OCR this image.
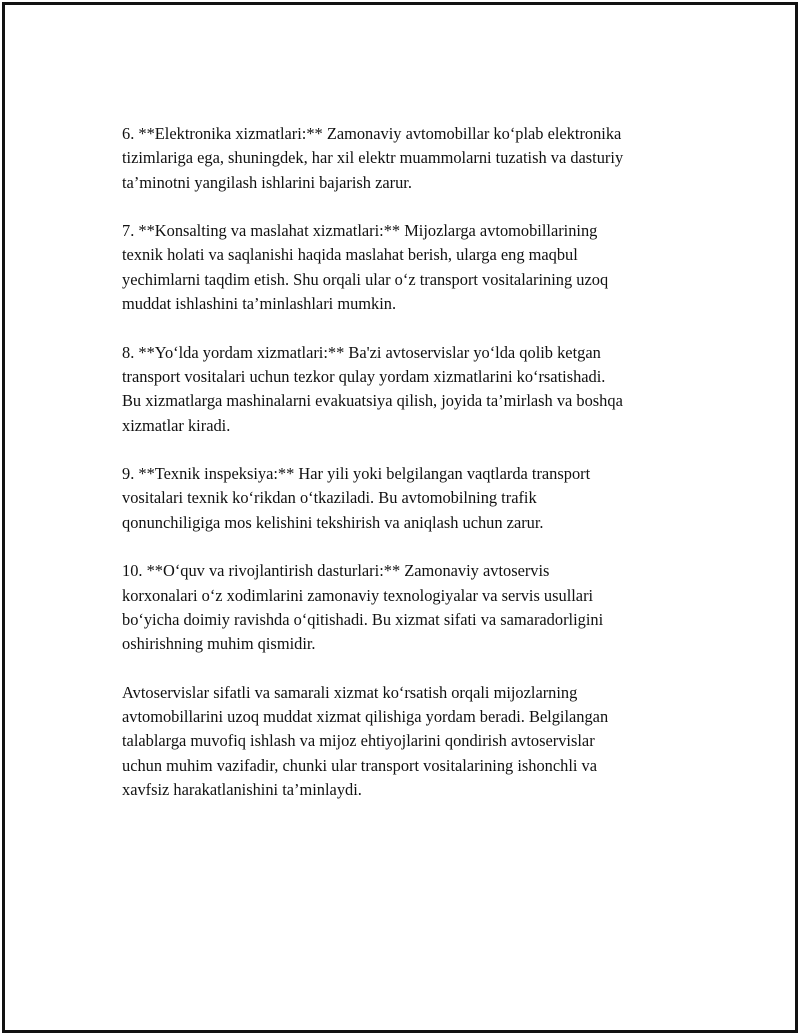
6. **Elektronika xizmatlari:** Zamonaviy avtomobillar ko‘plab elektronika
tizimlariga ega, shuningdek, har xil elektr muammolarni tuzatish va dasturiy
ta’minotni yangilash ishlarini bajarish zarur.

7. **Konsalting va maslahat xizmatlari:** Mijozlarga avtomobillarining
texnik holati va saqlanishi haqida maslahat berish, ularga eng maqbul
yechimlarni taqdim etish. Shu orqali ular o‘z transport vositalarining uzoq
muddat ishlashini ta’minlashlari mumkin.

8. **Yo‘lda yordam xizmatlari:** Ba'zi avtoservislar yo‘lda qolib ketgan
transport vositalari uchun tezkor qulay yordam xizmatlarini ko‘rsatishadi.
Bu xizmatlarga mashinalarni evakuatsiya qilish, joyida ta’mirlash va boshqa
xizmatlar kiradi.

9. **Texnik inspeksiya:** Har yili yoki belgilangan vaqtlarda transport
vositalari texnik ko‘rikdan o‘tkaziladi. Bu avtomobilning trafik
qonunchiligiga mos kelishini tekshirish va aniqlash uchun zarur.

10. **O‘quv va rivojlantirish dasturlari:** Zamonaviy avtoservis
korxonalari o‘z xodimlarini zamonaviy texnologiyalar va servis usullari
bo‘yicha doimiy ravishda o‘qitishadi. Bu xizmat sifati va samaradorligini
oshirishning muhim qismidir.

Avtoservislar sifatli va samarali xizmat ko‘rsatish orqali mijozlarning
avtomobillarini uzoq muddat xizmat qilishiga yordam beradi. Belgilangan
talablarga muvofiq ishlash va mijoz ehtiyojlarini qondirish avtoservislar
uchun muhim vazifadir, chunki ular transport vositalarining ishonchli va
xavfsiz harakatlanishini ta’minlaydi.
